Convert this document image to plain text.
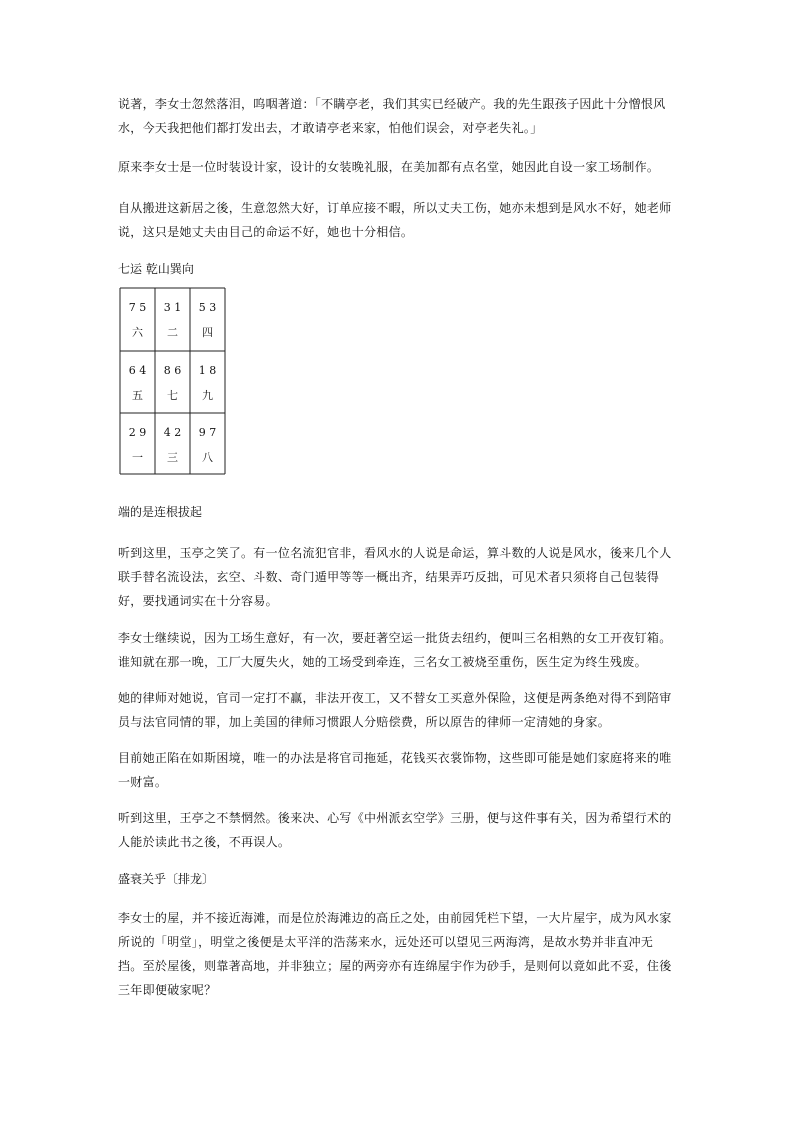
说著，李女士忽然落泪，呜咽著道：「不瞒亭老，我们其实已经破产。我的先生跟孩子因此十分憎恨风水，今天我把他们都打发出去，才敢请亭老来家，怕他们误会，对亭老失礼。」

原来李女士是一位时装设计家，设计的女装晚礼服，在美加都有点名堂，她因此自设一家工场制作。

自从搬进这新居之後，生意忽然大好，订单应接不暇，所以丈夫工伤，她亦未想到是风水不好，她老师说，这只是她丈夫由目己的命运不好，她也十分相信。

七运 乾山巽向

7 5
六
3 1
二
5 3
四
6 4
五
8 6
七
1 8
九
2 9
一
4 2
三
9 7
八

端的是连根拔起

听到这里，玉亭之笑了。有一位名流犯官非，看风水的人说是命运，算斗数的人说是风水，後来几个人联手替名流设法，玄空、斗数、奇门遁甲等等一概出齐，结果弄巧反拙，可见术者只须将自己包装得好，要找通词实在十分容易。

李女士继续说，因为工场生意好，有一次，要赶著空运一批货去纽约，便叫三名相熟的女工开夜钉箱。谁知就在那一晚，工厂大厦失火，她的工场受到牵连，三名女工被烧至重伤，医生定为终生残废。

她的律师对她说，官司一定打不赢，非法开夜工，又不替女工买意外保险，这便是两条绝对得不到陪审员与法官同情的罪，加上美国的律师习惯跟人分赔偿费，所以原告的律师一定清她的身家。

目前她正陷在如斯困境，唯一的办法是将官司拖延，花钱买衣裳饰物，这些即可能是她们家庭将来的唯一财富。

听到这里，王亭之不禁惘然。後来决、心写《中州派玄空学》三册，便与这件事有关，因为希望行术的人能於读此书之後，不再误人。

盛衰关乎〔排龙〕

李女士的屋，并不接近海滩，而是位於海滩边的高丘之处，由前园凭栏下望，一大片屋宇，成为风水家所说的「明堂」，明堂之後便是太平洋的浩荡来水，远处还可以望见三两海湾，是故水势并非直冲无挡。至於屋後，则靠著高地，并非独立；屋的两旁亦有连绵屋宇作为砂手，是则何以竟如此不妥，住後三年即便破家呢？
